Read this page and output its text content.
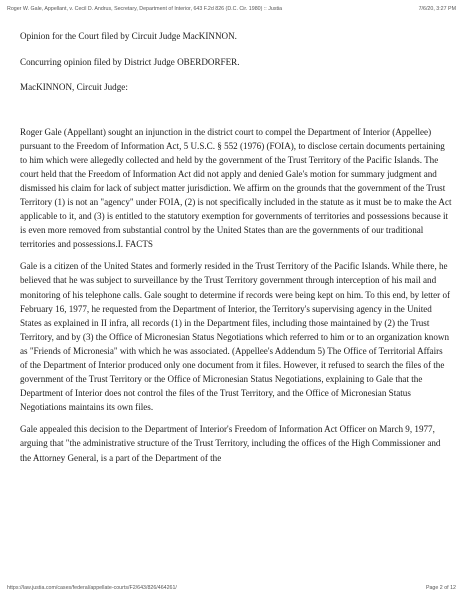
Roger W. Gale, Appellant, v. Cecil D. Andrus, Secretary, Department of Interior, 643 F.2d 826 (D.C. Cir. 1980) :: Justia	7/6/20, 3:27 PM

Opinion for the Court filed by Circuit Judge MacKINNON.

Concurring opinion filed by District Judge OBERDORFER.

MacKINNON, Circuit Judge:

Roger Gale (Appellant) sought an injunction in the district court to compel the Department of Interior (Appellee) pursuant to the Freedom of Information Act, 5 U.S.C. § 552 (1976) (FOIA), to disclose certain documents pertaining to him which were allegedly collected and held by the government of the Trust Territory of the Pacific Islands. The court held that the Freedom of Information Act did not apply and denied Gale's motion for summary judgment and dismissed his claim for lack of subject matter jurisdiction. We affirm on the grounds that the government of the Trust Territory (1) is not an "agency" under FOIA, (2) is not specifically included in the statute as it must be to make the Act applicable to it, and (3) is entitled to the statutory exemption for governments of territories and possessions because it is even more removed from substantial control by the United States than are the governments of our traditional territories and possessions.I. FACTS

Gale is a citizen of the United States and formerly resided in the Trust Territory of the Pacific Islands. While there, he believed that he was subject to surveillance by the Trust Territory government through interception of his mail and monitoring of his telephone calls. Gale sought to determine if records were being kept on him. To this end, by letter of February 16, 1977, he requested from the Department of Interior, the Territory's supervising agency in the United States as explained in II infra, all records (1) in the Department files, including those maintained by (2) the Trust Territory, and by (3) the Office of Micronesian Status Negotiations which referred to him or to an organization known as "Friends of Micronesia" with which he was associated. (Appellee's Addendum 5) The Office of Territorial Affairs of the Department of Interior produced only one document from it files. However, it refused to search the files of the government of the Trust Territory or the Office of Micronesian Status Negotiations, explaining to Gale that the Department of Interior does not control the files of the Trust Territory, and the Office of Micronesian Status Negotiations maintains its own files.

Gale appealed this decision to the Department of Interior's Freedom of Information Act Officer on March 9, 1977, arguing that "the administrative structure of the Trust Territory, including the offices of the High Commissioner and the Attorney General, is a part of the Department of the

https://law.justia.com/cases/federal/appellate-courts/F2/643/826/464261/	Page 2 of 12
